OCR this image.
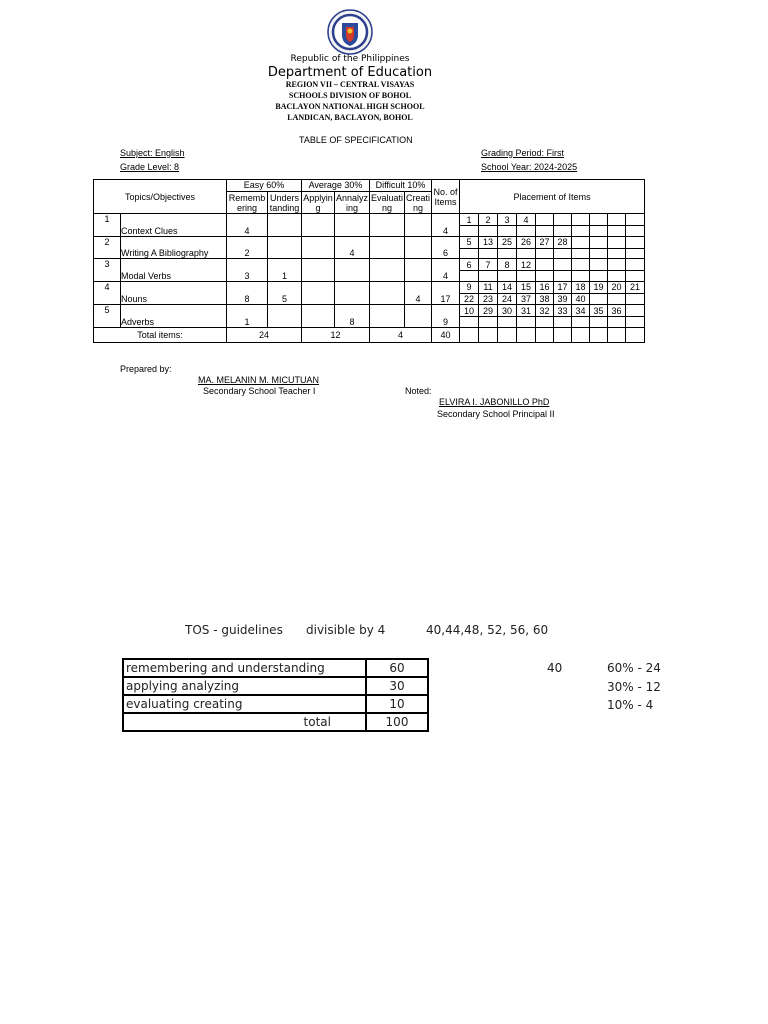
Republic of the Philippines
Department of Education
REGION VII – CENTRAL VISAYAS
SCHOOLS DIVISION OF BOHOL
BACLAYON NATIONAL HIGH SCHOOL
LANDICAN, BACLAYON, BOHOL
TABLE OF SPECIFICATION
Subject: English
Grade Level: 8
Grading Period: First
School Year: 2024-2025
Topics/Objectives		Easy 60%		Average 30%		Difficult 10%		No. of Items	Placement of Items									
		Rememb ering	Unders tanding	Applyin g	Annalyz ing	Evaluati ng	Creati ng											
1	Context Clues	4						4	1	2	3	4						

2	Writing A Bibliography	2			4			6	5	13	25	26	27	28				

3	Modal Verbs	3	1					4	6	7	8	12						

4	Nouns	8	5				4	17	9	11	14	15	16	17	18	19	20	21
									22	23	24	37	38	39	40			
5	Adverbs	1			8			9	10	29	30	31	32	33	34	35	36	

Total items:		24		12		4		40										
Prepared by:
MA. MELANIN M. MICUTUAN
Secondary School Teacher I	Noted:
ELVIRA I. JABONILLO PhD
Secondary School Principal II
TOS - guidelines divisible by 4	40,44,48, 52, 56, 60
remembering and understanding	60
applying analyzing	30
evaluating creating	10
total	100
40	60% - 24
30% - 12
10% - 4
